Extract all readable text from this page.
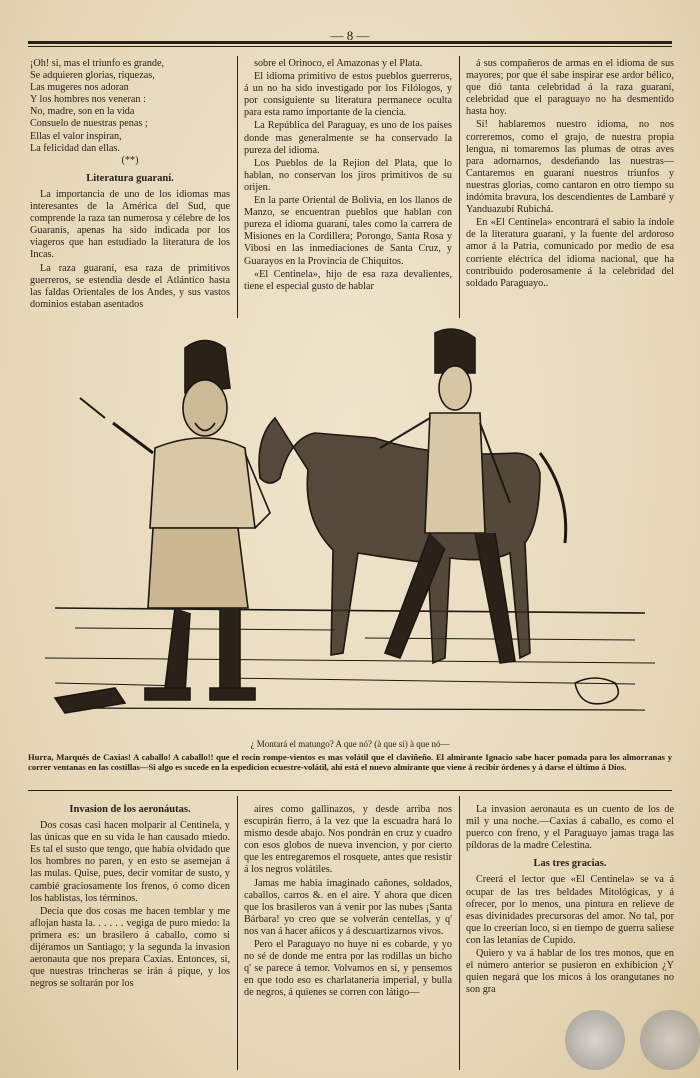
— 8 —

¡Oh! si, mas el triunfo es grande,

Se adquieren glorias, riquezas,

Las mugeres nos adoran

Y los hombres nos veneran :

No, madre, son en la vida

Consuelo de nuestras penas ;

Ellas el valor inspiran,

La felicidad dan ellas.

(**)

Literatura guaraní.

La importancia de uno de los idiomas mas interesantes de la América del Sud, que comprende la raza tan numerosa y célebre de los Guaranís, apenas ha sido indicada por los viageros que han estudiado la literatura de los Incas.

La raza guaraní, esa raza de primitivos guerreros, se estendia desde el Atlántico hasta las faldas Orientales de los Andes, y sus vastos dominios estaban asentados

sobre el Orinoco, el Amazonas y el Plata.

El idioma primitivo de estos pueblos guerreros, á un no ha sido investigado por los Filólogos, y por consiguiente su literatura permanece oculta para esta ramo importante de la ciencia.

La República del Paraguay, es uno de los países donde mas generalmente se ha conservado la pureza del idioma.

Los Pueblos de la Rejion del Plata, que lo hablan, no conservan los jiros primitivos de su orijen.

En la parte Oriental de Bolivia, en los llanos de Manzo, se encuentran pueblos que hablan con pureza el idioma guaraní, tales como la carrera de Misiones en la Cordillera; Porongo, Santa Rosa y Vibosi en las inmediaciones de Santa Cruz, y Guarayos en la Provincia de Chiquitos.

«El Centinela», hijo de esa raza devalientes, tiene el especial gusto de hablar

á sus compañeros de armas en el idioma de sus mayores; por que él sabe inspirar ese ardor bélico, que dió tanta celebridad á la raza guaraní, celebridad que el paraguayo no ha desmentido hasta hoy.

Sí! hablaremos nuestro idioma, no nos correremos, como el grajo, de nuestra propia lengua, ni tomaremos las plumas de otras aves para adornarnos, desdeñando las nuestras—Cantaremos en guaraní nuestros triunfos y nuestras glorias, como cantaron en otro tiempo su indómita bravura, los descendientes de Lambaré y Yanduazubí Rubichá.

En «El Centinela» encontrará el sabio la índole de la literatura guaraní, y la fuente del ardoroso amor á la Patria, comunicado por medio de esa corriente eléctrica del idioma nacional, que ha contribuido poderosamente á la celebridad del soldado Paraguayo..

¿ Montará el matungo? A que nó? (à que si) à que nó—
Hurra, Marqués de Caxias! A caballo! A caballo!! que el rocin rompe-vientos es mas volátil que el claviñeño. El almirante Ignacio sabe hacer pomada para los almorranas y correr ventanas en las costillas—Si algo es sucede en la espedicion ecuestre-volátil, ahi está el nuevo almirante que viene á recibir órdenes y á darse el último á Dios.
Invasion de los aeronáutas.

Dos cosas casi hacen molparir al Centinela, y las únicas que en su vida le han causado miedo. Es tal el susto que tengo, que había olvidado que los hombres no paren, y en esto se asemejan á las mulas. Quise, pues, decir vomitar de susto, y cambié graciosamente los frenos, ó como dicen los hablistas, los términos.

Decía que dos cosas me hacen temblar y me aflojan hasta la. . . . . . vegiga de puro miedo: la primera es: un brasilero á caballo, como si dijéramos un Santiago; y la segunda la invasion aeronauta que nos prepara Caxias. Entonces, si, que nuestras trincheras se irán á pique, y los negros se soltarán por los

aires como gallinazos, y desde arriba nos escupirán fierro, á la vez que la escuadra hará lo mismo desde abajo. Nos pondrán en cruz y cuadro con esos globos de nueva invencion, y por cierto que les entregaremos el rosquete, antes que resistir á los negros volátiles.

Jamas me habia imaginado cañones, soldados, caballos, carros &. en el aire. Y ahora que dicen que los brasileros van á venir por las nubes ¡Santa Bárbara! yo creo que se volverán centellas, y q' nos van á hacer añicos y á descuartizarnos vivos.

Pero el Paraguayo no huye ni es cobarde, y yo no sé de donde me entra por las rodillas un bicho q' se parece á temor. Volvamos en sí, y pensemos en que todo eso es charlatanería imperial, y bulla de negros, á quienes se corren con látigo—

La invasion aeronauta es un cuento de los de mil y una noche.—Caxias á caballo, es como el puerco con freno, y el Paraguayo jamas traga las píldoras de la madre Celestina.

Las tres gracias.

Creerá el lector que «El Centinela» se va á ocupar de las tres beldades Mitológicas, y á ofrecer, por lo menos, una pintura en relieve de esas divinidades precursoras del amor. No tal, por que lo creerían loco, si en tiempo de guerra saliese con las letanías de Cupido.

Quiero y va á hablar de los tres monos, que en el número anterior se pusieron en exhibicion ¿Y quien negará que los micos á los orangutanes no son gra
